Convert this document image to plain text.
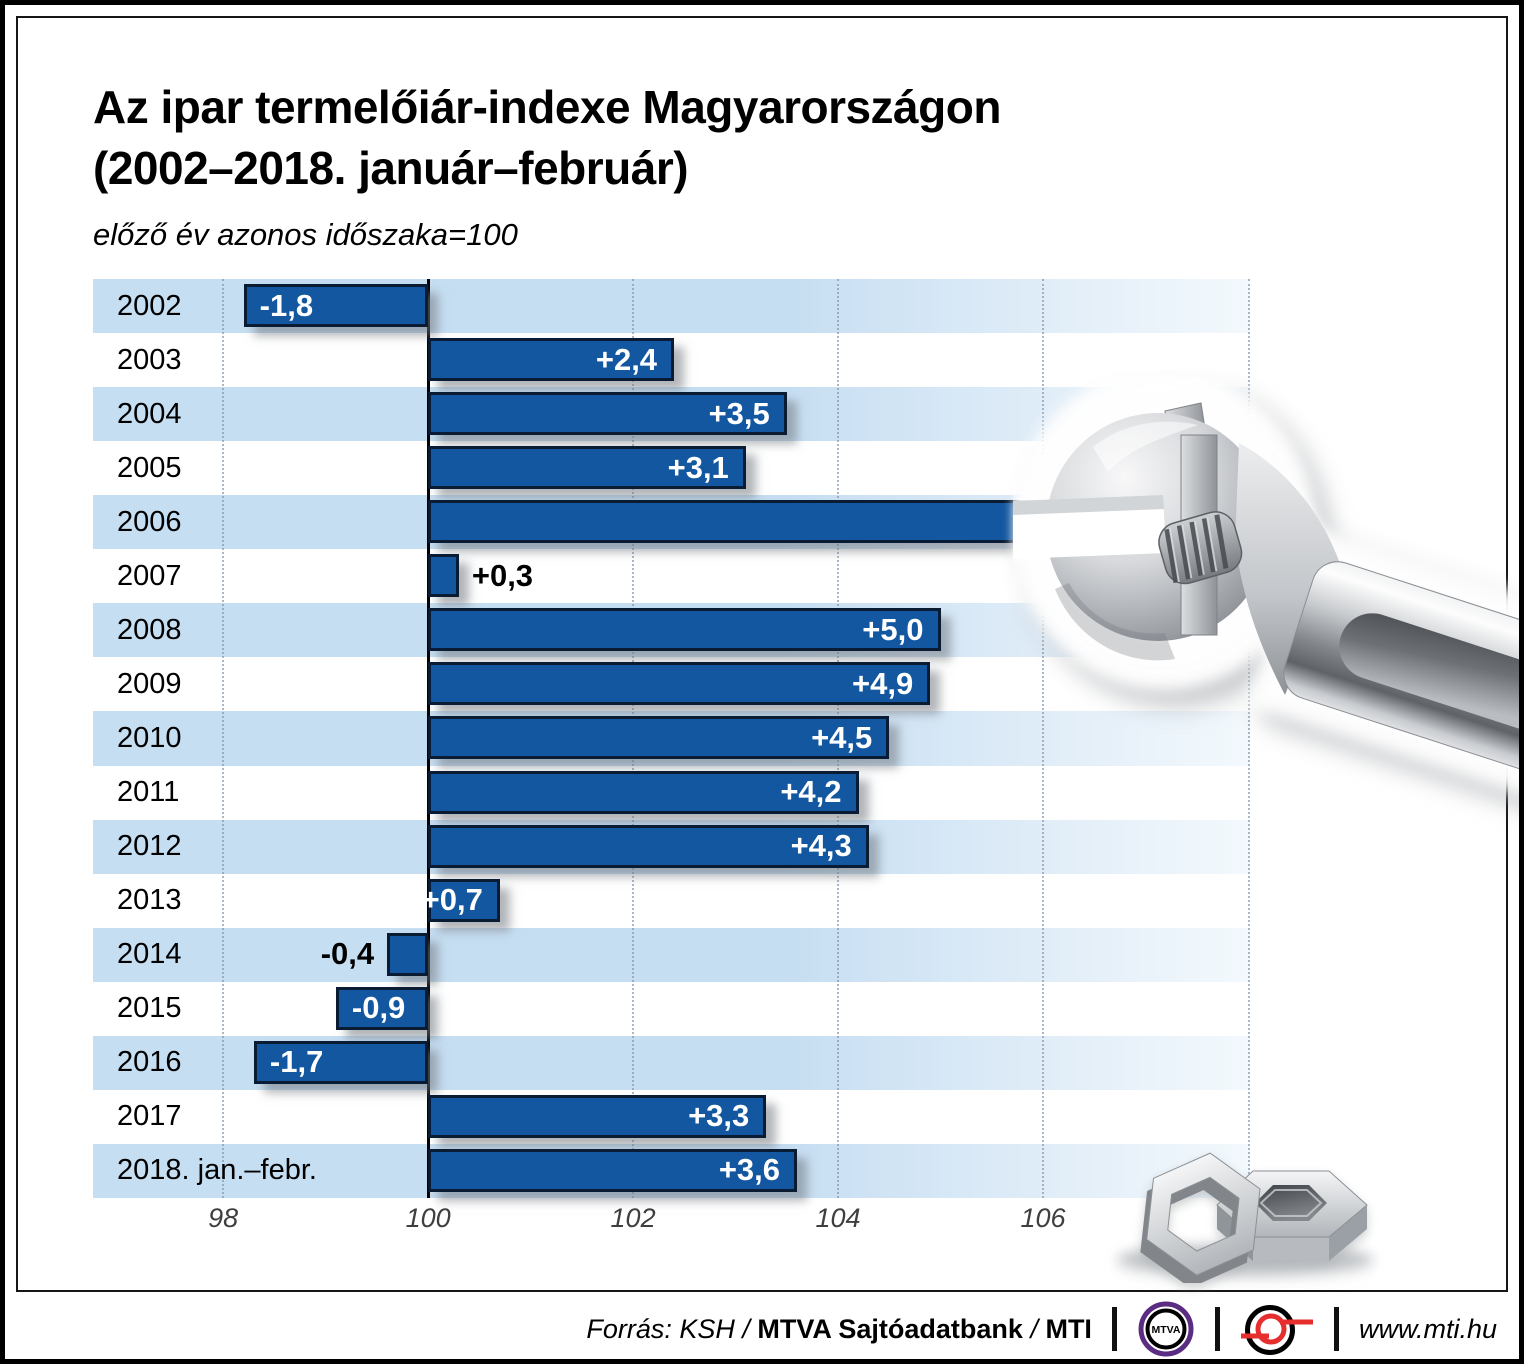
Az ipar termelőiár-indexe Magyarországon
(2002–2018. január–február)
előző év azonos időszaka=100
2002	-1,8
2003	+2,4
2004	+3,5
2005	+3,1
2006
2007	+0,3
2008	+5,0
2009	+4,9
2010	+4,5
2011	+4,2
2012	+4,3
2013	+0,7
2014	-0,4
2015	-0,9
2016	-1,7
2017	+3,3
2018. jan.–febr.	+3,6
98	100	102	104	106
Forrás: KSH / MTVA Sajtóadatbank / MTI	MTVA	www.mti.hu
